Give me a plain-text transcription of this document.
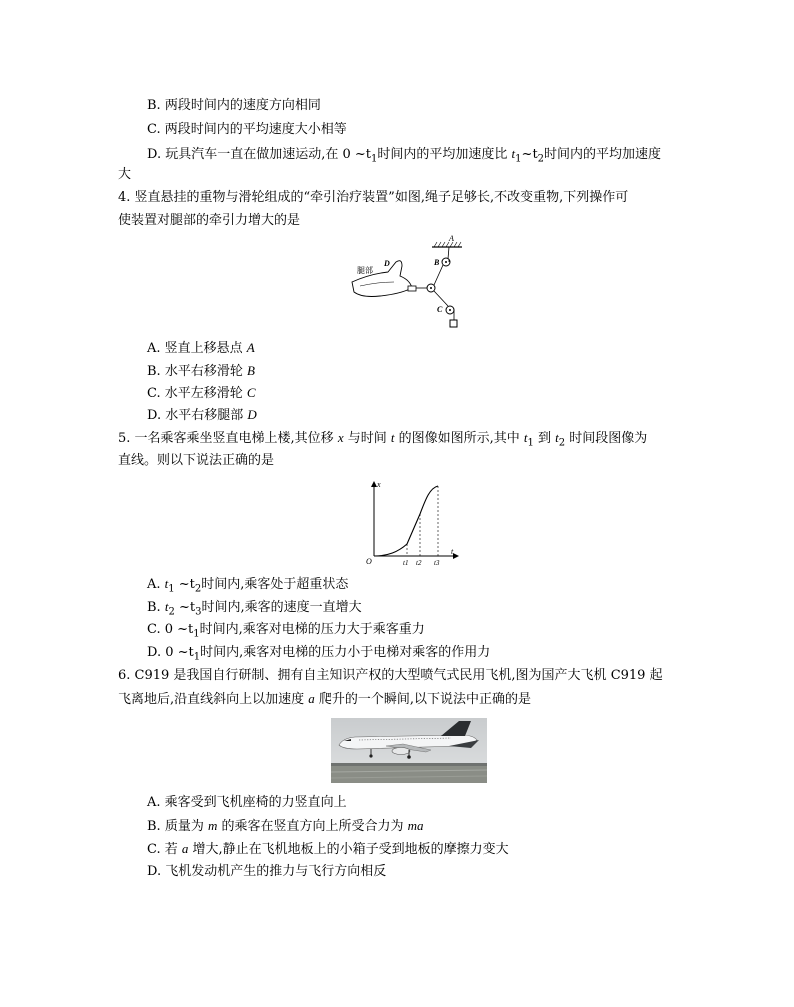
B. 两段时间内的速度方向相同
C. 两段时间内的平均速度大小相等
D. 玩具汽车一直在做加速运动,在 0 $\sim t_1$时间内的平均加速度比 $t_1\sim t_2$时间内的平均加速度
大
4. 竖直悬挂的重物与滑轮组成的“牵引治疗装置”如图,绳子足够长,不改变重物,下列操作可
使装置对腿部的牵引力增大的是
A
B
腿部
D
C
A. 竖直上移悬点 A
B. 水平右移滑轮 B
C. 水平左移滑轮 C
D. 水平右移腿部 D
5. 一名乘客乘坐竖直电梯上楼,其位移 x 与时间 t 的图像如图所示,其中 $t_1$ 到 $t_2$ 时间段图像为
直线。则以下说法正确的是
x
t
O	t1 t2 t3
A. $t_1$ $\sim t_2$时间内,乘客处于超重状态
B. $t_2$ $\sim t_3$时间内,乘客的速度一直增大
C. 0 $\sim t_1$时间内,乘客对电梯的压力大于乘客重力
D. 0 $\sim t_1$时间内,乘客对电梯的压力小于电梯对乘客的作用力
6. C919 是我国自行研制、拥有自主知识产权的大型喷气式民用飞机,图为国产大飞机 C919 起
飞离地后,沿直线斜向上以加速度 a 爬升的一个瞬间,以下说法中正确的是
A. 乘客受到飞机座椅的力竖直向上
B. 质量为 m 的乘客在竖直方向上所受合力为 ma
C. 若 a 增大,静止在飞机地板上的小箱子受到地板的摩擦力变大
D. 飞机发动机产生的推力与飞行方向相反
